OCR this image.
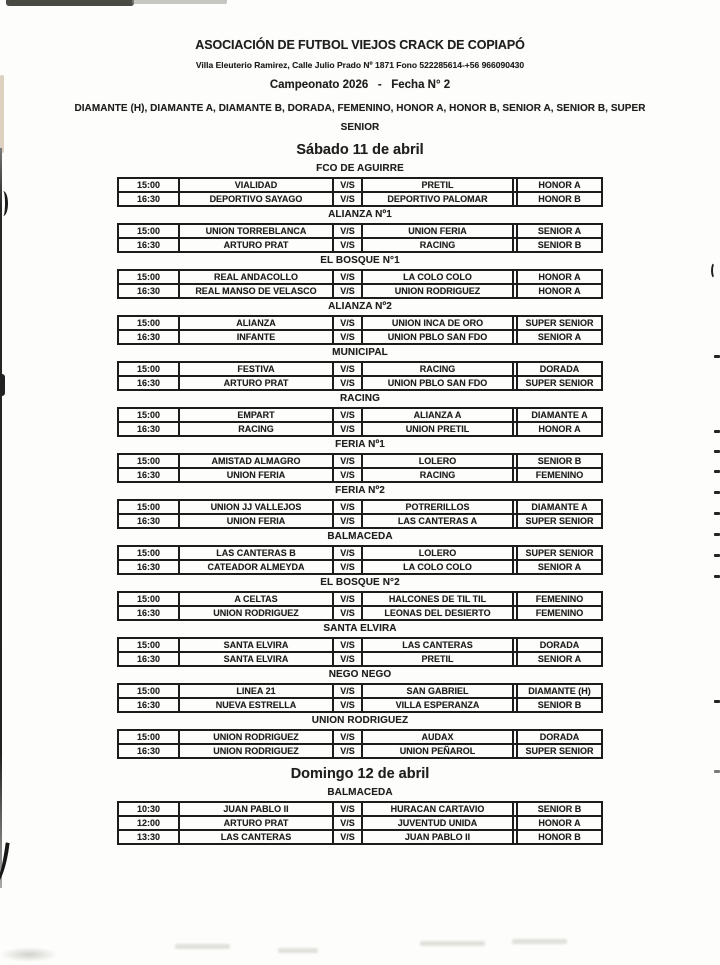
ASOCIACIÓN DE FUTBOL VIEJOS CRACK DE COPIAPÓ
Villa Eleuterio Ramirez, Calle Julio Prado Nº 1871 Fono 522285614-+56 966090430
Campeonato 2026   -   Fecha N° 2
DIAMANTE (H), DIAMANTE A, DIAMANTE B, DORADA, FEMENINO, HONOR A, HONOR B, SENIOR A, SENIOR B, SUPER
SENIOR
Sábado 11 de abril
FCO DE AGUIRRE
15:00	VIALIDAD	V/S	PRETIL		HONOR A
16:30	DEPORTIVO SAYAGO	V/S	DEPORTIVO PALOMAR		HONOR B
ALIANZA Nº1
15:00	UNION TORREBLANCA	V/S	UNION FERIA		SENIOR A
16:30	ARTURO PRAT	V/S	RACING		SENIOR B
EL BOSQUE N°1
15:00	REAL ANDACOLLO	V/S	LA COLO COLO		HONOR A
16:30	REAL MANSO DE VELASCO	V/S	UNION RODRIGUEZ		HONOR A
ALIANZA Nº2
15:00	ALIANZA	V/S	UNION INCA DE ORO		SUPER SENIOR
16:30	INFANTE	V/S	UNION PBLO SAN FDO		SENIOR A
MUNICIPAL
15:00	FESTIVA	V/S	RACING		DORADA
16:30	ARTURO PRAT	V/S	UNION PBLO SAN FDO		SUPER SENIOR
RACING
15:00	EMPART	V/S	ALIANZA A		DIAMANTE A
16:30	RACING	V/S	UNION PRETIL		HONOR A
FERIA Nº1
15:00	AMISTAD ALMAGRO	V/S	LOLERO		SENIOR B
16:30	UNION FERIA	V/S	RACING		FEMENINO
FERIA Nº2
15:00	UNION JJ VALLEJOS	V/S	POTRERILLOS		DIAMANTE A
16:30	UNION FERIA	V/S	LAS CANTERAS A		SUPER SENIOR
BALMACEDA
15:00	LAS CANTERAS B	V/S	LOLERO		SUPER SENIOR
16:30	CATEADOR ALMEYDA	V/S	LA COLO COLO		SENIOR A
EL BOSQUE N°2
15:00	A CELTAS	V/S	HALCONES DE TIL TIL		FEMENINO
16:30	UNION RODRIGUEZ	V/S	LEONAS DEL DESIERTO		FEMENINO
SANTA ELVIRA
15:00	SANTA ELVIRA	V/S	LAS CANTERAS		DORADA
16:30	SANTA ELVIRA	V/S	PRETIL		SENIOR A
NEGO NEGO
15:00	LINEA 21	V/S	SAN GABRIEL		DIAMANTE (H)
16:30	NUEVA ESTRELLA	V/S	VILLA ESPERANZA		SENIOR B
UNION RODRIGUEZ
15:00	UNION RODRIGUEZ	V/S	AUDAX		DORADA
16:30	UNION RODRIGUEZ	V/S	UNION PEÑAROL		SUPER SENIOR
Domingo 12 de abril
BALMACEDA
10:30	JUAN PABLO II	V/S	HURACAN CARTAVIO		SENIOR B
12:00	ARTURO PRAT	V/S	JUVENTUD UNIDA		HONOR A
13:30	LAS CANTERAS	V/S	JUAN PABLO II		HONOR B
